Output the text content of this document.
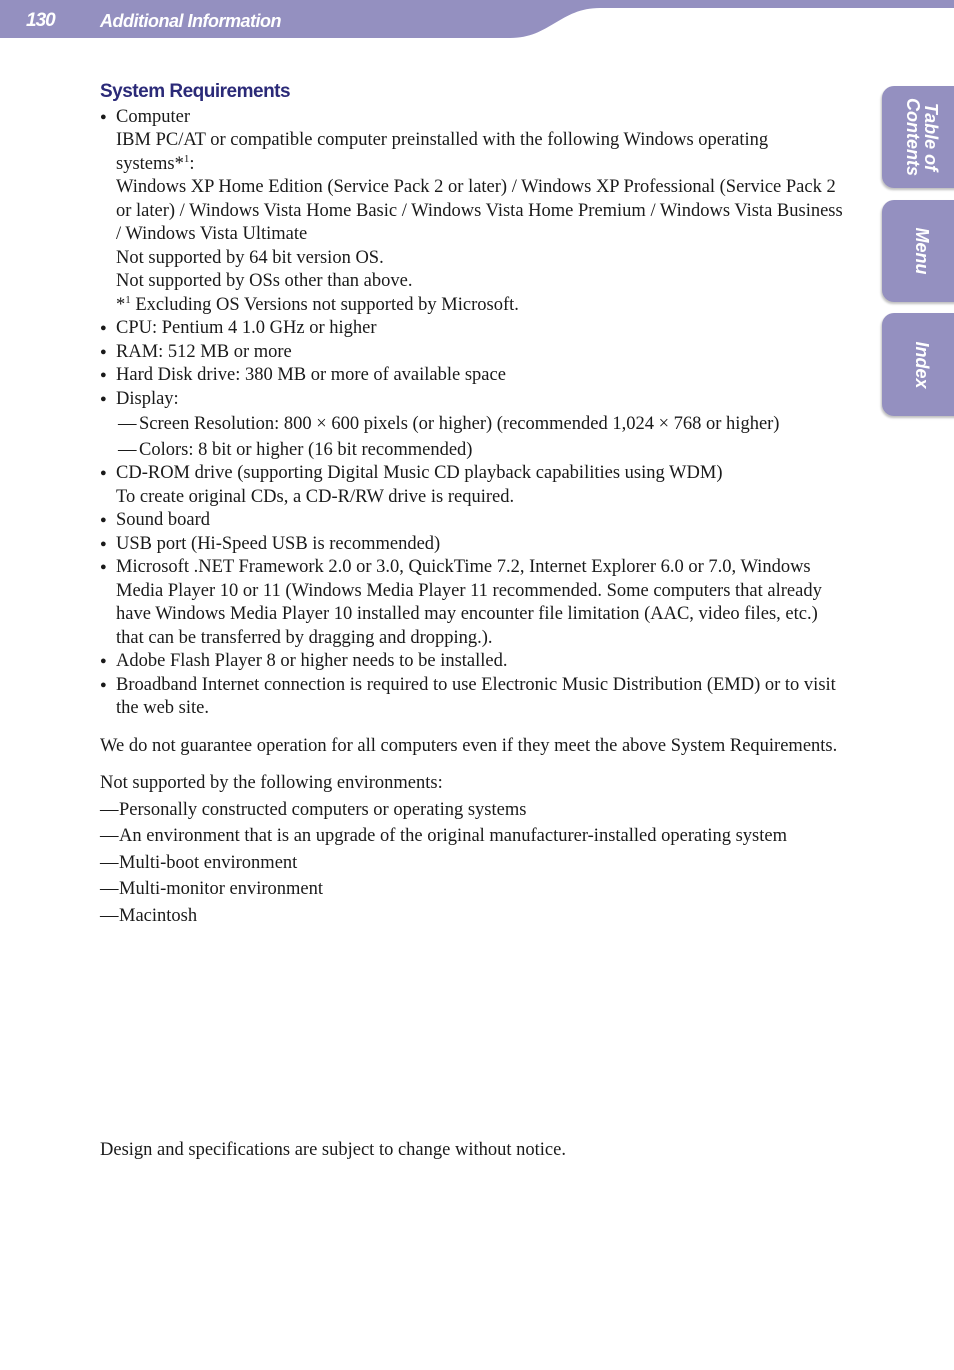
130	Additional Information
Table of
Contents
Menu
Index
System Requirements
● Computer
IBM PC/AT or compatible computer preinstalled with the following Windows operating
systems*$^1$:
Windows XP Home Edition (Service Pack 2 or later) / Windows XP Professional (Service Pack 2 or later) / Windows Vista Home Basic / Windows Vista Home Premium / Windows Vista Business / Windows Vista Ultimate
Not supported by 64 bit version OS.
Not supported by OSs other than above.
*$^1$ Excluding OS Versions not supported by Microsoft.
● CPU: Pentium 4 1.0 GHz or higher
● RAM: 512 MB or more
● Hard Disk drive: 380 MB or more of available space
● Display:
— Screen Resolution: 800 × 600 pixels (or higher) (recommended 1,024 × 768 or higher)
— Colors: 8 bit or higher (16 bit recommended)
● CD-ROM drive (supporting Digital Music CD playback capabilities using WDM)
To create original CDs, a CD-R/RW drive is required.
● Sound board
● USB port (Hi-Speed USB is recommended)
● Microsoft .NET Framework 2.0 or 3.0, QuickTime 7.2, Internet Explorer 6.0 or 7.0, Windows Media Player 10 or 11 (Windows Media Player 11 recommended. Some computers that already have Windows Media Player 10 installed may encounter file limitation (AAC, video files, etc.) that can be transferred by dragging and dropping.).
● Adobe Flash Player 8 or higher needs to be installed.
● Broadband Internet connection is required to use Electronic Music Distribution (EMD) or to visit the web site.
We do not guarantee operation for all computers even if they meet the above System Requirements.
Not supported by the following environments:
— Personally constructed computers or operating systems
— An environment that is an upgrade of the original manufacturer-installed operating system
— Multi-boot environment
— Multi-monitor environment
— Macintosh
Design and specifications are subject to change without notice.
